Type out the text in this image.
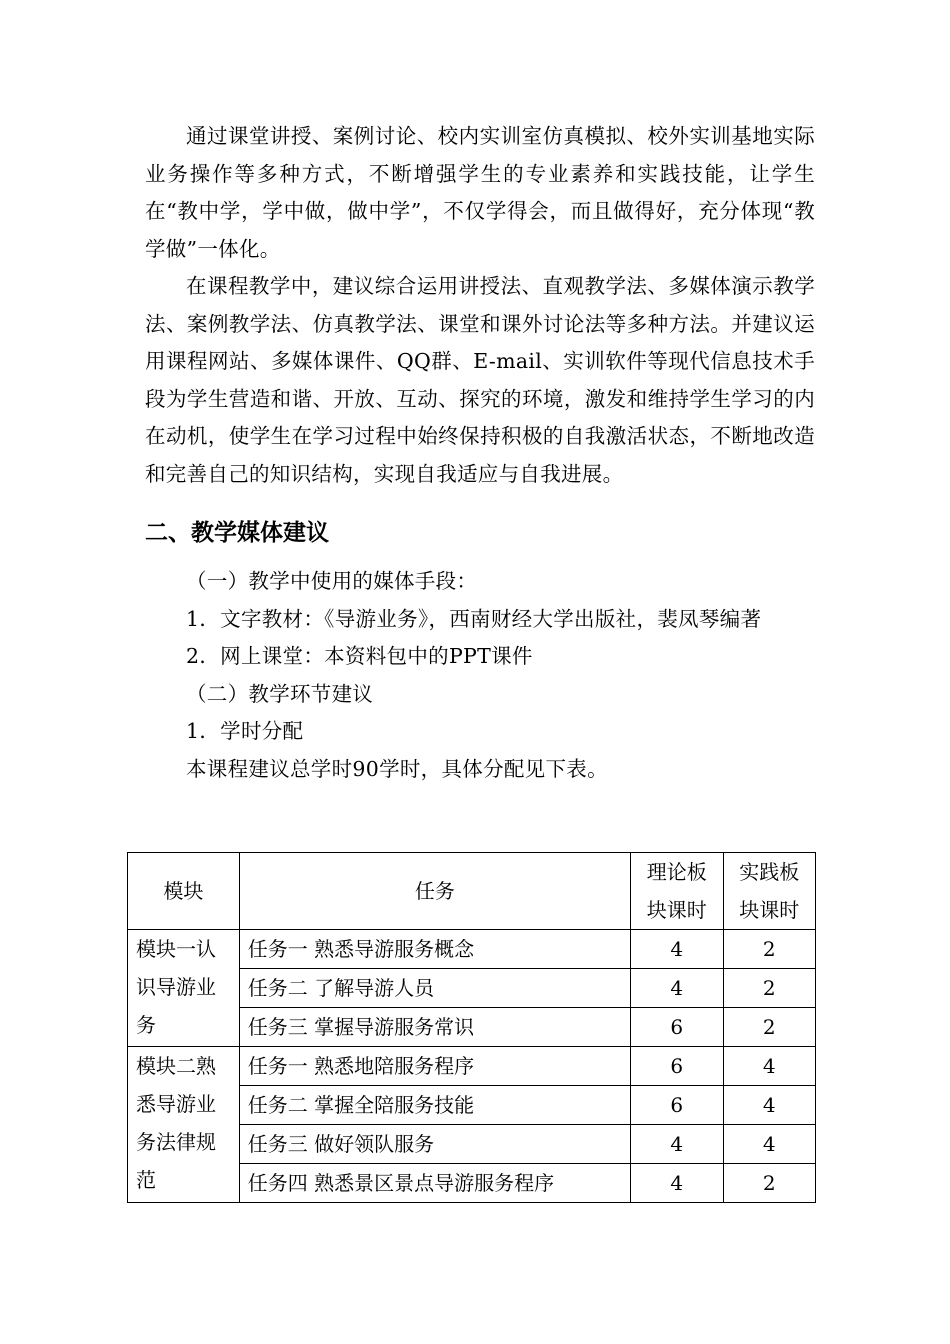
通过课堂讲授、案例讨论、校内实训室仿真模拟、校外实训基地实际业务操作等多种方式，不断增强学生的专业素养和实践技能，让学生在“教中学，学中做，做中学”，不仅学得会，而且做得好，充分体现“教学做”一体化。

在课程教学中，建议综合运用讲授法、直观教学法、多媒体演示教学法、案例教学法、仿真教学法、课堂和课外讨论法等多种方法。并建议运用课程网站、多媒体课件、QQ群、E-mail、实训软件等现代信息技术手段为学生营造和谐、开放、互动、探究的环境，激发和维持学生学习的内在动机，使学生在学习过程中始终保持积极的自我激活状态，不断地改造和完善自己的知识结构，实现自我适应与自我进展。

二、教学媒体建议

（一）教学中使用的媒体手段：

1．文字教材：《导游业务》，西南财经大学出版社，裴凤琴编著

2．网上课堂：本资料包中的PPT课件

（二）教学环节建议

1．学时分配

本课程建议总学时90学时，具体分配见下表。

模块	任务	理论板块课时	实践板块课时
模块一认识导游业务	任务一 熟悉导游服务概念	4	2
	任务二 了解导游人员	4	2
	任务三 掌握导游服务常识	6	2
模块二熟悉导游业务法律规范	任务一 熟悉地陪服务程序	6	4
	任务二 掌握全陪服务技能	6	4
	任务三 做好领队服务	4	4
	任务四 熟悉景区景点导游服务程序	4	2
